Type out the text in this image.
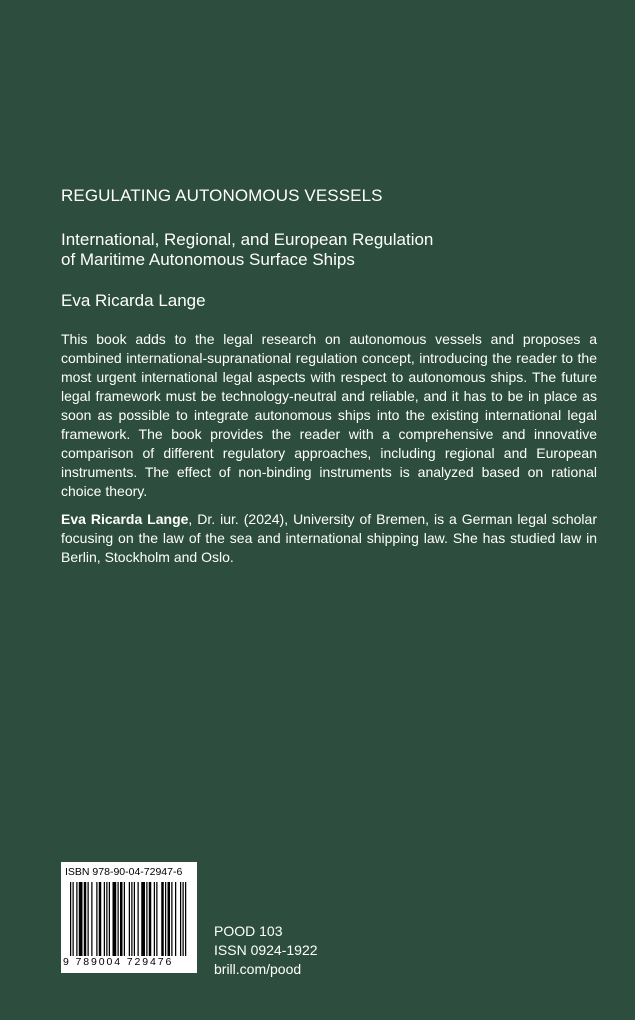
REGULATING AUTONOMOUS VESSELS
International, Regional, and European Regulation
of Maritime Autonomous Surface Ships
Eva Ricarda Lange

This book adds to the legal research on autonomous vessels and proposes a combined international-supranational regulation concept, introducing the reader to the most urgent international legal aspects with respect to autonomous ships. The future legal framework must be technology-neutral and reliable, and it has to be in place as soon as possible to integrate autonomous ships into the existing international legal framework. The book provides the reader with a comprehensive and innovative comparison of different regulatory approaches, including regional and European instruments. The effect of non-binding instruments is analyzed based on rational choice theory.

Eva Ricarda Lange, Dr. iur. (2024), University of Bremen, is a German legal scholar focusing on the law of the sea and international shipping law. She has studied law in Berlin, Stockholm and Oslo.

ISBN 978-90-04-72947-6
9 789004 729476
POOD 103
ISSN 0924-1922
brill.com/pood
